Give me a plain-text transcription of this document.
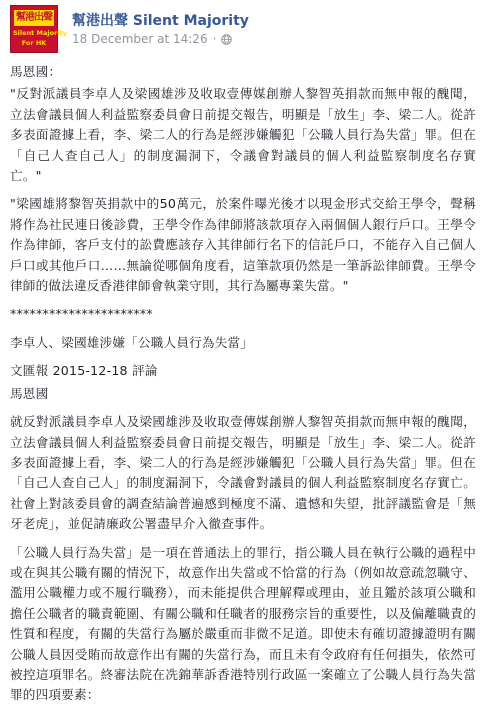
幫港出聲
Silent Majority
For HK
幫港出聲 Silent Majority
18 December at 14:26 ·

馬恩國：

"反對派議員李卓人及梁國雄涉及收取壹傳媒創辦人黎智英捐款而無申報的醜聞，立法會議員個人利益監察委員會日前提交報告，明顯是「放生」李、梁二人。從許多表面證據上看，李、梁二人的行為是經涉嫌觸犯「公職人員行為失當」罪。但在「自己人查自己人」的制度漏洞下，令議會對議員的個人利益監察制度名存實亡。"

"梁國雄將黎智英捐款中的50萬元，於案件曝光後才以現金形式交給王學令，聲稱將作為社民連日後診費，王學令作為律師將該款項存入兩個個人銀行戶口。王學令作為律師，客戶支付的訟費應該存入其律師行名下的信託戶口，不能存入自己個人戶口或其他戶口……無論從哪個角度看，這筆款項仍然是一筆訴訟律師費。王學令律師的做法違反香港律師會執業守則，其行為屬專業失當。"

**********************

李卓人、梁國雄涉嫌「公職人員行為失當」

文匯報 2015-12-18 評論

馬恩國

就反對派議員李卓人及梁國雄涉及收取壹傳媒創辦人黎智英捐款而無申報的醜聞，立法會議員個人利益監察委員會日前提交報告，明顯是「放生」李、梁二人。從許多表面證據上看，李、梁二人的行為是經涉嫌觸犯「公職人員行為失當」罪。但在「自己人查自己人」的制度漏洞下，令議會對議員的個人利益監察制度名存實亡。社會上對該委員會的調查結論普遍感到極度不滿、遺憾和失望，批評議監會是「無牙老虎」，並促請廉政公署盡早介入徹查事件。

「公職人員行為失當」是一項在普通法上的罪行，指公職人員在執行公職的過程中或在與其公職有關的情況下，故意作出失當或不恰當的行為（例如故意疏忽職守、濫用公職權力或不履行職務），而未能提供合理解釋或理由，並且鑑於該項公職和擔任公職者的職責範圍、有關公職和任職者的服務宗旨的重要性，以及偏離職責的性質和程度，有關的失當行為屬於嚴重而非微不足道。即使未有確切證據證明有關公職人員因受賄而故意作出有關的失當行為，而且未有令政府有任何損失，依然可被控這項罪名。終審法院在冼錦華訴香港特別行政區一案確立了公職人員行為失當罪的四項要素：
